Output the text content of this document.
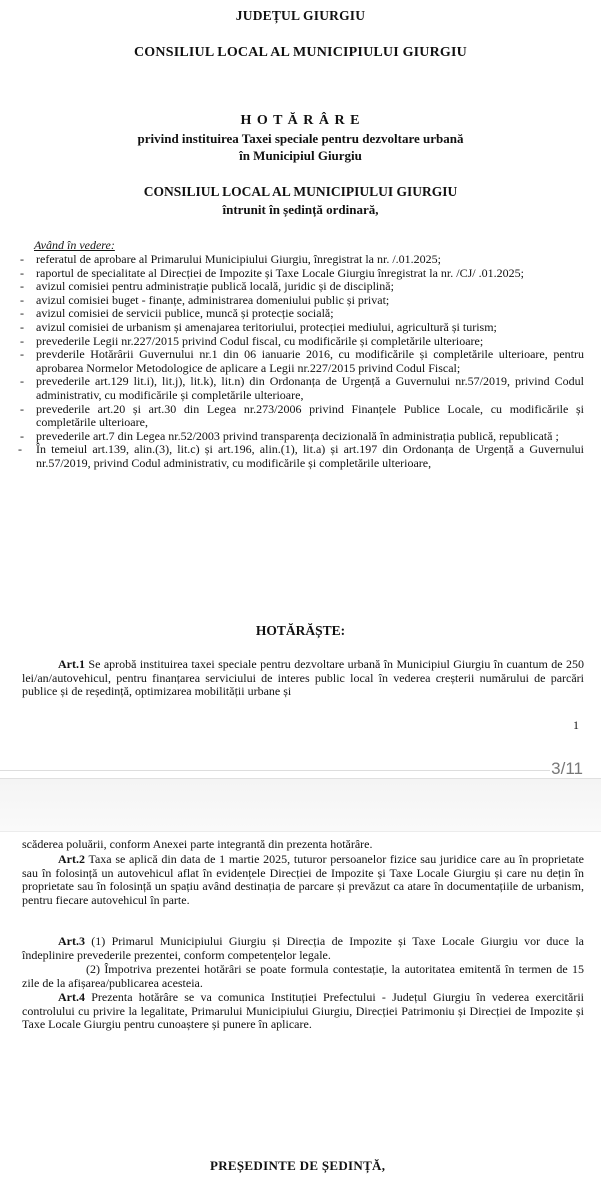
JUDEȚUL GIURGIU
CONSILIUL LOCAL AL MUNICIPIULUI GIURGIU
H O T Ă R Â R E
privind instituirea Taxei speciale pentru dezvoltare urbană
în Municipiul Giurgiu
CONSILIUL LOCAL AL MUNICIPIULUI GIURGIU
întrunit în ședință ordinară,
Având în vedere:
- referatul de aprobare al Primarului Municipiului Giurgiu, înregistrat la nr. /.01.2025;
- raportul de specialitate al Direcției de Impozite și Taxe Locale Giurgiu înregistrat la nr. /CJ/ .01.2025;
- avizul comisiei pentru administrație publică locală, juridic și de disciplină;
- avizul comisiei buget - finanțe, administrarea domeniului public și privat;
- avizul comisiei de servicii publice, muncă și protecție socială;
- avizul comisiei de urbanism și amenajarea teritoriului, protecției mediului, agricultură și turism;
- prevederile Legii nr.227/2015 privind Codul fiscal, cu modificările și completările ulterioare;
- prevderile Hotărârii Guvernului nr.1 din 06 ianuarie 2016, cu modificările și completările ulterioare, pentru aprobarea Normelor Metodologice de aplicare a Legii nr.227/2015 privind Codul Fiscal;
- prevederile art.129 lit.i), lit.j), lit.k), lit.n) din Ordonanța de Urgență a Guvernului nr.57/2019, privind Codul administrativ, cu modificările și completările ulterioare,
- prevederile art.20 și art.30 din Legea nr.273/2006 privind Finanțele Publice Locale, cu modificările și completările ulterioare,
- prevederile art.7 din Legea nr.52/2003 privind transparența decizională în administrația publică, republicată ;
- În temeiul art.139, alin.(3), lit.c) și art.196, alin.(1), lit.a) și art.197 din Ordonanța de Urgență a Guvernului nr.57/2019, privind Codul administrativ, cu modificările și completările ulterioare,
HOTĂRĂȘTE:
Art.1 Se aprobă instituirea taxei speciale pentru dezvoltare urbană în Municipiul Giurgiu în cuantum de 250 lei/an/autovehicul, pentru finanțarea serviciului de interes public local în vederea creșterii numărului de parcări publice și de reședință, optimizarea mobilității urbane și
1
3/11
scăderea poluării, conform Anexei parte integrantă din prezenta hotărâre.
Art.2 Taxa se aplică din data de 1 martie 2025, tuturor persoanelor fizice sau juridice care au în proprietate sau în folosință un autovehicul aflat în evidențele Direcției de Impozite și Taxe Locale Giurgiu și care nu dețin în proprietate sau în folosință un spațiu având destinația de parcare și prevăzut ca atare în documentațiile de urbanism, pentru fiecare autovehicul în parte.
Art.3 (1) Primarul Municipiului Giurgiu și Direcția de Impozite și Taxe Locale Giurgiu vor duce la îndeplinire prevederile prezentei, conform competențelor legale.
(2) Împotriva prezentei hotărâri se poate formula contestație, la autoritatea emitentă în termen de 15 zile de la afișarea/publicarea acesteia.
Art.4 Prezenta hotărâre se va comunica Instituției Prefectului - Județul Giurgiu în vederea exercitării controlului cu privire la legalitate, Primarului Municipiului Giurgiu, Direcției Patrimoniu și Direcției de Impozite și Taxe Locale Giurgiu pentru cunoaștere și punere în aplicare.
PREȘEDINTE DE ȘEDINȚĂ,
